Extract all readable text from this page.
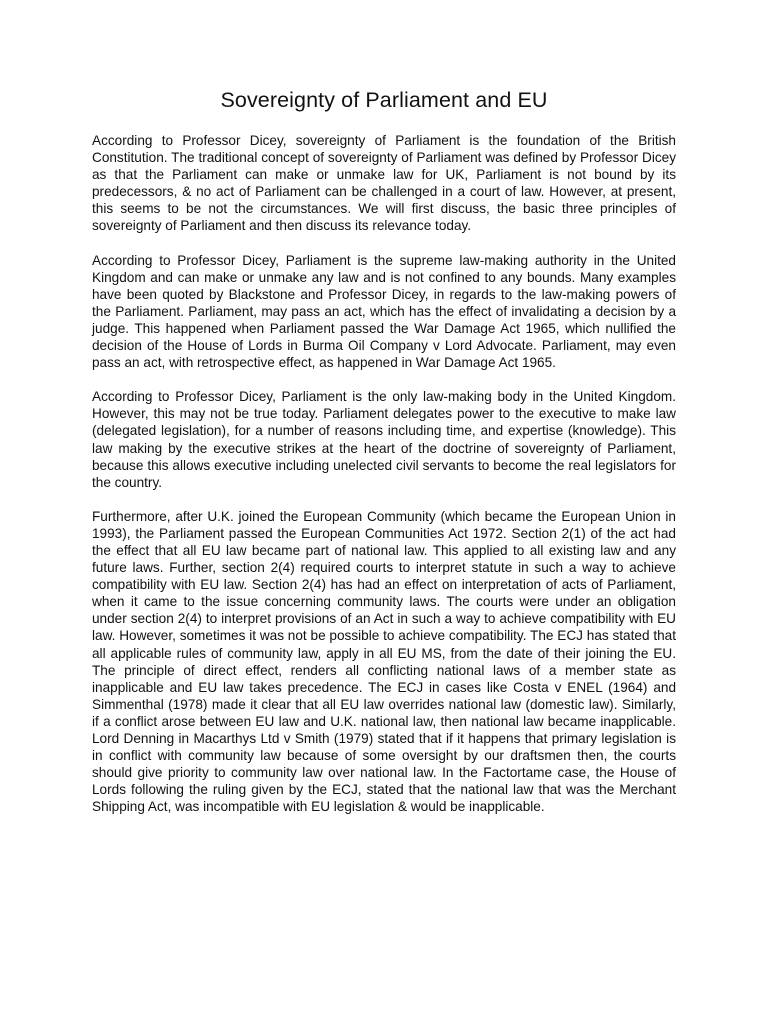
Sovereignty of Parliament and EU

According to Professor Dicey, sovereignty of Parliament is the foundation of the British Constitution. The traditional concept of sovereignty of Parliament was defined by Professor Dicey as that the Parliament can make or unmake law for UK, Parliament is not bound by its predecessors, & no act of Parliament can be challenged in a court of law. However, at present, this seems to be not the circumstances. We will first discuss, the basic three principles of sovereignty of Parliament and then discuss its relevance today.

According to Professor Dicey, Parliament is the supreme law-making authority in the United Kingdom and can make or unmake any law and is not confined to any bounds. Many examples have been quoted by Blackstone and Professor Dicey, in regards to the law-making powers of the Parliament. Parliament, may pass an act, which has the effect of invalidating a decision by a judge. This happened when Parliament passed the War Damage Act 1965, which nullified the decision of the House of Lords in Burma Oil Company v Lord Advocate. Parliament, may even pass an act, with retrospective effect, as happened in War Damage Act 1965.

According to Professor Dicey, Parliament is the only law-making body in the United Kingdom. However, this may not be true today. Parliament delegates power to the executive to make law (delegated legislation), for a number of reasons including time, and expertise (knowledge). This law making by the executive strikes at the heart of the doctrine of sovereignty of Parliament, because this allows executive including unelected civil servants to become the real legislators for the country.

Furthermore, after U.K. joined the European Community (which became the European Union in 1993), the Parliament passed the European Communities Act 1972. Section 2(1) of the act had the effect that all EU law became part of national law. This applied to all existing law and any future laws. Further, section 2(4) required courts to interpret statute in such a way to achieve compatibility with EU law. Section 2(4) has had an effect on interpretation of acts of Parliament, when it came to the issue concerning community laws. The courts were under an obligation under section 2(4) to interpret provisions of an Act in such a way to achieve compatibility with EU law. However, sometimes it was not be possible to achieve compatibility. The ECJ has stated that all applicable rules of community law, apply in all EU MS, from the date of their joining the EU. The principle of direct effect, renders all conflicting national laws of a member state as inapplicable and EU law takes precedence. The ECJ in cases like Costa v ENEL (1964) and Simmenthal (1978) made it clear that all EU law overrides national law (domestic law). Similarly, if a conflict arose between EU law and U.K. national law, then national law became inapplicable. Lord Denning in Macarthys Ltd v Smith (1979) stated that if it happens that primary legislation is in conflict with community law because of some oversight by our draftsmen then, the courts should give priority to community law over national law. In the Factortame case, the House of Lords following the ruling given by the ECJ, stated that the national law that was the Merchant Shipping Act, was incompatible with EU legislation & would be inapplicable.
